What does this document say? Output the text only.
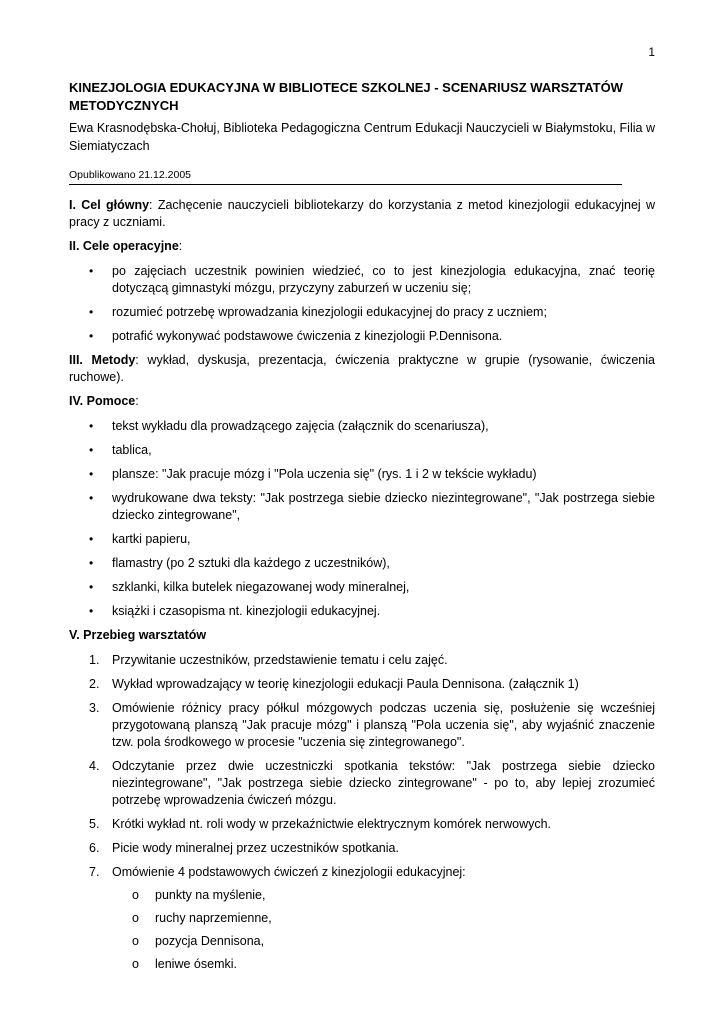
1
KINEZJOLOGIA EDUKACYJNA W BIBLIOTECE SZKOLNEJ - SCENARIUSZ WARSZTATÓW METODYCZNYCH
Ewa Krasnodębska-Chołuj, Biblioteka Pedagogiczna Centrum Edukacji Nauczycieli w Białymstoku, Filia w Siemiatyczach
Opublikowano 21.12.2005

I. Cel główny: Zachęcenie nauczycieli bibliotekarzy do korzystania z metod kinezjologii edukacyjnej w pracy z uczniami.

II. Cele operacyjne:

• po zajęciach uczestnik powinien wiedzieć, co to jest kinezjologia edukacyjna, znać teorię dotyczącą gimnastyki mózgu, przyczyny zaburzeń w uczeniu się;
• rozumieć potrzebę wprowadzania kinezjologii edukacyjnej do pracy z uczniem;
• potrafić wykonywać podstawowe ćwiczenia z kinezjologii P.Dennisona.

III. Metody: wykład, dyskusja, prezentacja, ćwiczenia praktyczne w grupie (rysowanie, ćwiczenia ruchowe).

IV. Pomoce:

• tekst wykładu dla prowadzącego zajęcia (załącznik do scenariusza),
• tablica,
• plansze: "Jak pracuje mózg i "Pola uczenia się" (rys. 1 i 2 w tekście wykładu)
• wydrukowane dwa teksty: "Jak postrzega siebie dziecko niezintegrowane", "Jak postrzega siebie dziecko zintegrowane",
• kartki papieru,
• flamastry (po 2 sztuki dla każdego z uczestników),
• szklanki, kilka butelek niegazowanej wody mineralnej,
• książki i czasopisma nt. kinezjologii edukacyjnej.

V. Przebieg warsztatów

1. Przywitanie uczestników, przedstawienie tematu i celu zajęć.
2. Wykład wprowadzający w teorię kinezjologii edukacji Paula Dennisona. (załącznik 1)
3. Omówienie różnicy pracy półkul mózgowych podczas uczenia się, posłużenie się wcześniej przygotowaną planszą "Jak pracuje mózg" i planszą "Pola uczenia się", aby wyjaśnić znaczenie tzw. pola środkowego w procesie "uczenia się zintegrowanego".
4. Odczytanie przez dwie uczestniczki spotkania tekstów: "Jak postrzega siebie dziecko niezintegrowane", "Jak postrzega siebie dziecko zintegrowane" - po to, aby lepiej zrozumieć potrzebę wprowadzenia ćwiczeń mózgu.
5. Krótki wykład nt. roli wody w przekaźnictwie elektrycznym komórek nerwowych.
6. Picie wody mineralnej przez uczestników spotkania.
7. Omówienie 4 podstawowych ćwiczeń z kinezjologii edukacyjnej:
o punkty na myślenie,
o ruchy naprzemienne,
o pozycja Dennisona,
o leniwe ósemki.
